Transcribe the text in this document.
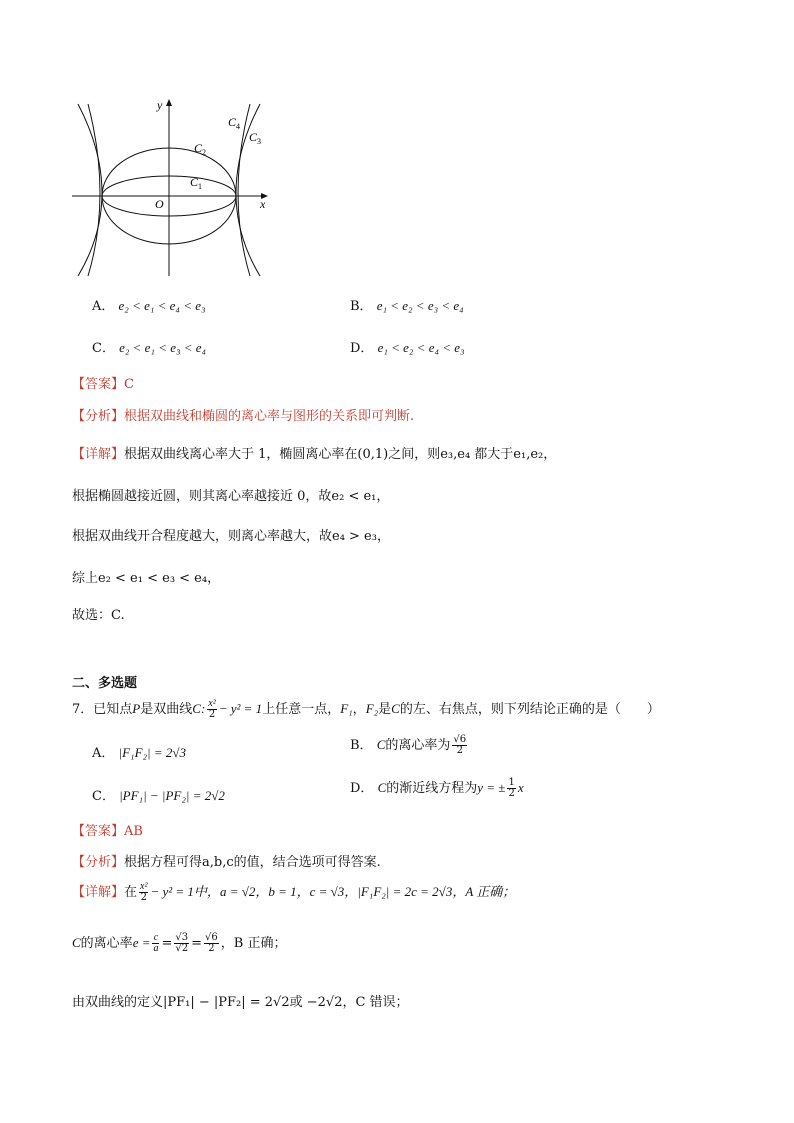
y
x
O
$C_1$
$C_2$
$C_3$
$C_4$
A． e₂ < e₁ < e₄ < e₃	B． e₁ < e₂ < e₃ < e₄
C． e₂ < e₁ < e₃ < e₄	D． e₁ < e₂ < e₄ < e₃
【答案】C
【分析】根据双曲线和椭圆的离心率与图形的关系即可判断.
【详解】根据双曲线离心率大于 1，椭圆离心率在(0,1)之间，则e₃,e₄ 都大于e₁,e₂，
根据椭圆越接近圆，则其离心率越接近 0，故e₂ < e₁，
根据双曲线开合程度越大，则离心率越大，故e₄ > e₃，
综上e₂ < e₁ < e₃ < e₄，
故选：C.
二、多选题
7．已知点P是双曲线C: $\frac{\text{x²}}{2} - y^2 = 1$上任意一点，F₁，F₂是C的左、右焦点，则下列结论正确的是（　　）
A． |F₁F₂| = 2√3	B． C的离心率为 $\frac{√6}{2}$
C． |PF₁| − |PF₂| = 2√2	D． C的渐近线方程为y = ± $\frac{1}{2}$ x
【答案】AB
【分析】根据方程可得a,b,c的值，结合选项可得答案.
【详解】在 $\frac{\text{x²}}{2} - y^2 = 1$中，a = √2，b = 1，c = √3，|F₁F₂| = 2c = 2√3，A 正确；
C的离心率$e = \frac{c}{a} = \frac{√3}{√2} = \frac{√6}{2}$ ，B 正确；
由双曲线的定义|PF₁| − |PF₂| = 2√2或 −2√2，C 错误；
